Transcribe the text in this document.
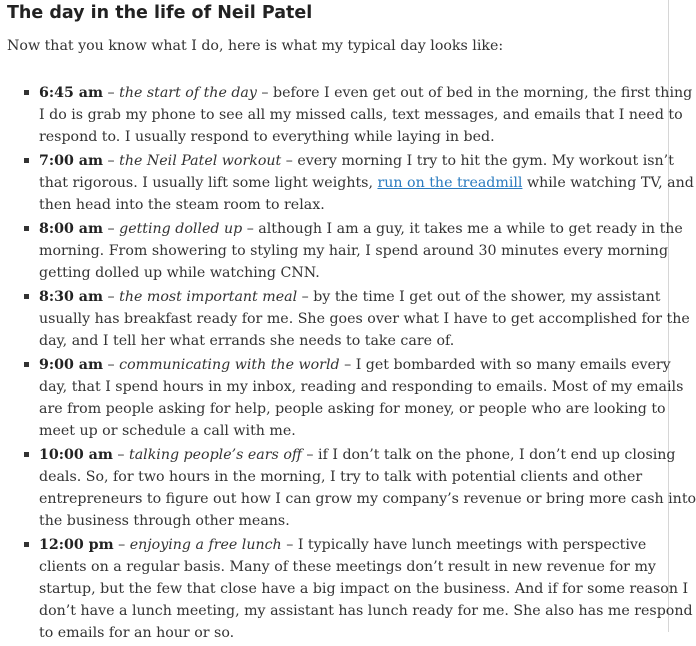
The day in the life of Neil Patel

Now that you know what I do, here is what my typical day looks like:

6:45 am – the start of the day – before I even get out of bed in the morning, the first thing
I do is grab my phone to see all my missed calls, text messages, and emails that I need to
respond to. I usually respond to everything while laying in bed.
7:00 am – the Neil Patel workout – every morning I try to hit the gym. My workout isn’t
that rigorous. I usually lift some light weights, run on the treadmill while watching TV, and
then head into the steam room to relax.
8:00 am – getting dolled up – although I am a guy, it takes me a while to get ready in the
morning. From showering to styling my hair, I spend around 30 minutes every morning
getting dolled up while watching CNN.
8:30 am – the most important meal – by the time I get out of the shower, my assistant
usually has breakfast ready for me. She goes over what I have to get accomplished for the
day, and I tell her what errands she needs to take care of.
9:00 am – communicating with the world – I get bombarded with so many emails every
day, that I spend hours in my inbox, reading and responding to emails. Most of my emails
are from people asking for help, people asking for money, or people who are looking to
meet up or schedule a call with me.
10:00 am – talking people’s ears off – if I don’t talk on the phone, I don’t end up closing
deals. So, for two hours in the morning, I try to talk with potential clients and other
entrepreneurs to figure out how I can grow my company’s revenue or bring more cash into
the business through other means.
12:00 pm – enjoying a free lunch – I typically have lunch meetings with perspective
clients on a regular basis. Many of these meetings don’t result in new revenue for my
startup, but the few that close have a big impact on the business. And if for some reason I
don’t have a lunch meeting, my assistant has lunch ready for me. She also has me respond
to emails for an hour or so.
